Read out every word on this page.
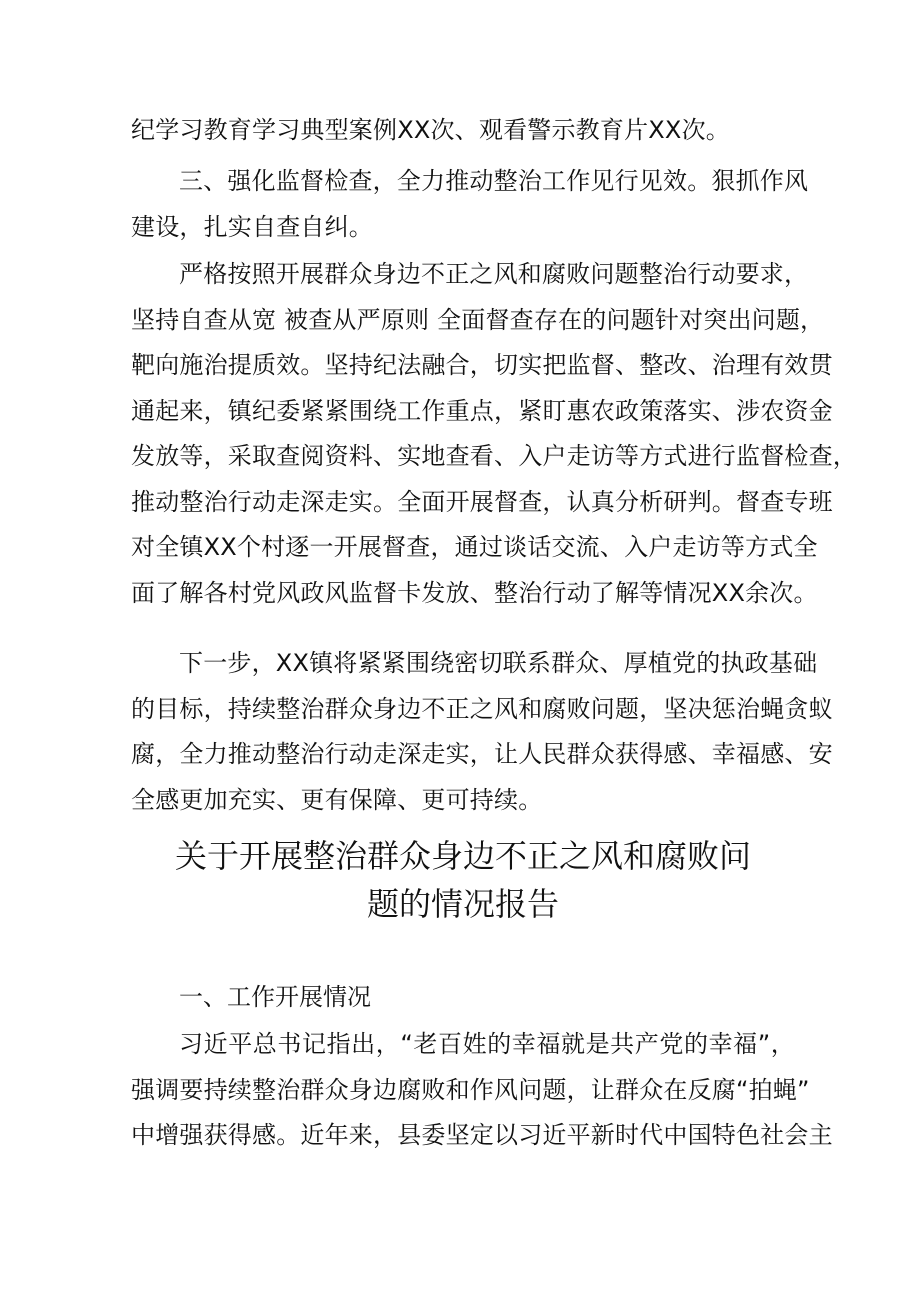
纪学习教育学习典型案例XX次、观看警示教育片XX次。
三、强化监督检查，全力推动整治工作见行见效。狠抓作风
建设，扎实自查自纠。
严格按照开展群众身边不正之风和腐败问题整治行动要求，
坚持自查从宽 被查从严原则 全面督查存在的问题针对突出问题，
靶向施治提质效。坚持纪法融合，切实把监督、整改、治理有效贯
通起来，镇纪委紧紧围绕工作重点，紧盯惠农政策落实、涉农资金
发放等，采取查阅资料、实地查看、入户走访等方式进行监督检查，
推动整治行动走深走实。全面开展督查，认真分析研判。督查专班
对全镇XX个村逐一开展督查，通过谈话交流、入户走访等方式全
面了解各村党风政风监督卡发放、整治行动了解等情况XX余次。
下一步，XX镇将紧紧围绕密切联系群众、厚植党的执政基础
的目标，持续整治群众身边不正之风和腐败问题，坚决惩治蝇贪蚁
腐，全力推动整治行动走深走实，让人民群众获得感、幸福感、安
全感更加充实、更有保障、更可持续。
关于开展整治群众身边不正之风和腐败问
题的情况报告
一、工作开展情况
习近平总书记指出，“老百姓的幸福就是共产党的幸福”，
强调要持续整治群众身边腐败和作风问题，让群众在反腐“拍蝇”
中增强获得感。近年来，县委坚定以习近平新时代中国特色社会主
